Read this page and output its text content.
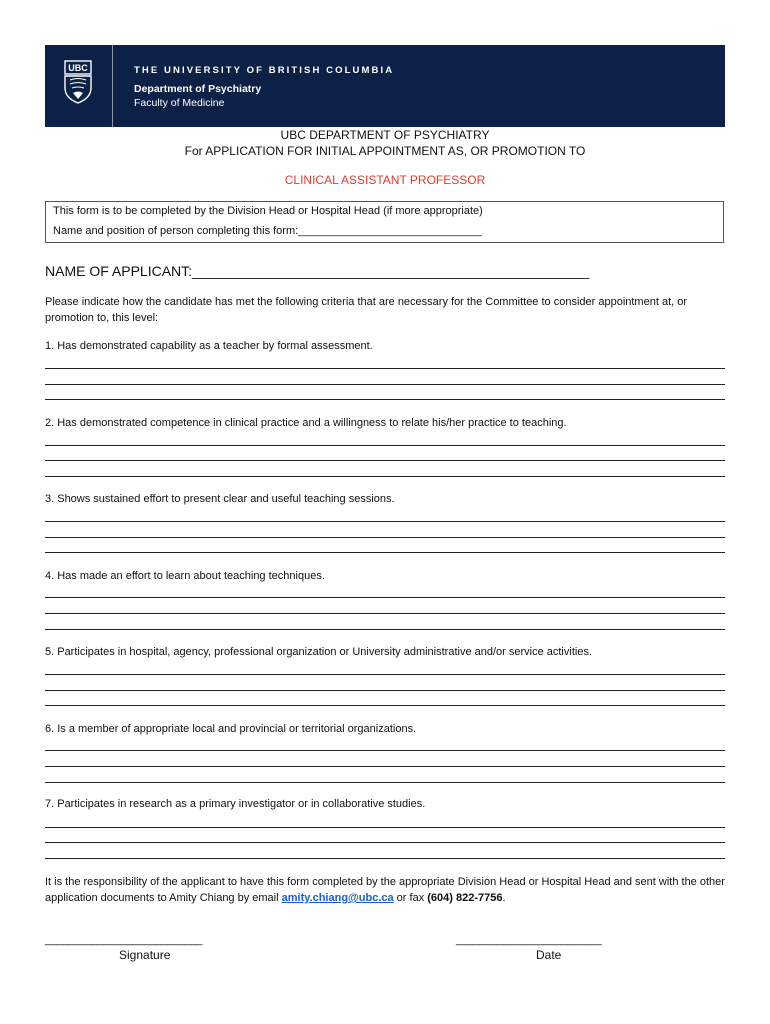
UBC	THE UNIVERSITY OF BRITISH COLUMBIA
Department of Psychiatry
Faculty of Medicine
UBC DEPARTMENT OF PSYCHIATRY
For APPLICATION FOR INITIAL APPOINTMENT AS, OR PROMOTION TO
CLINICAL ASSISTANT PROFESSOR
This form is to be completed by the Division Head or Hospital Head (if more appropriate)
Name and position of person completing this form:______________________________
NAME OF APPLICANT:___________________________________________________
Please indicate how the candidate has met the following criteria that are necessary for the Committee to consider appointment at, or promotion to, this level:
1. Has demonstrated capability as a teacher by formal assessment.
2. Has demonstrated competence in clinical practice and a willingness to relate his/her practice to teaching.
3. Shows sustained effort to present clear and useful teaching sessions.
4. Has made an effort to learn about teaching techniques.
5. Participates in hospital, agency, professional organization or University administrative and/or service activities.
6. Is a member of appropriate local and provincial or territorial organizations.
7. Participates in research as a primary investigator or in collaborative studies.
It is the responsibility of the applicant to have this form completed by the appropriate Division Head or Hospital Head and sent with the other application documents to Amity Chiang by email amity.chiang@ubc.ca or fax (604) 822-7756.
___________________________
Signature
_________________________
Date
